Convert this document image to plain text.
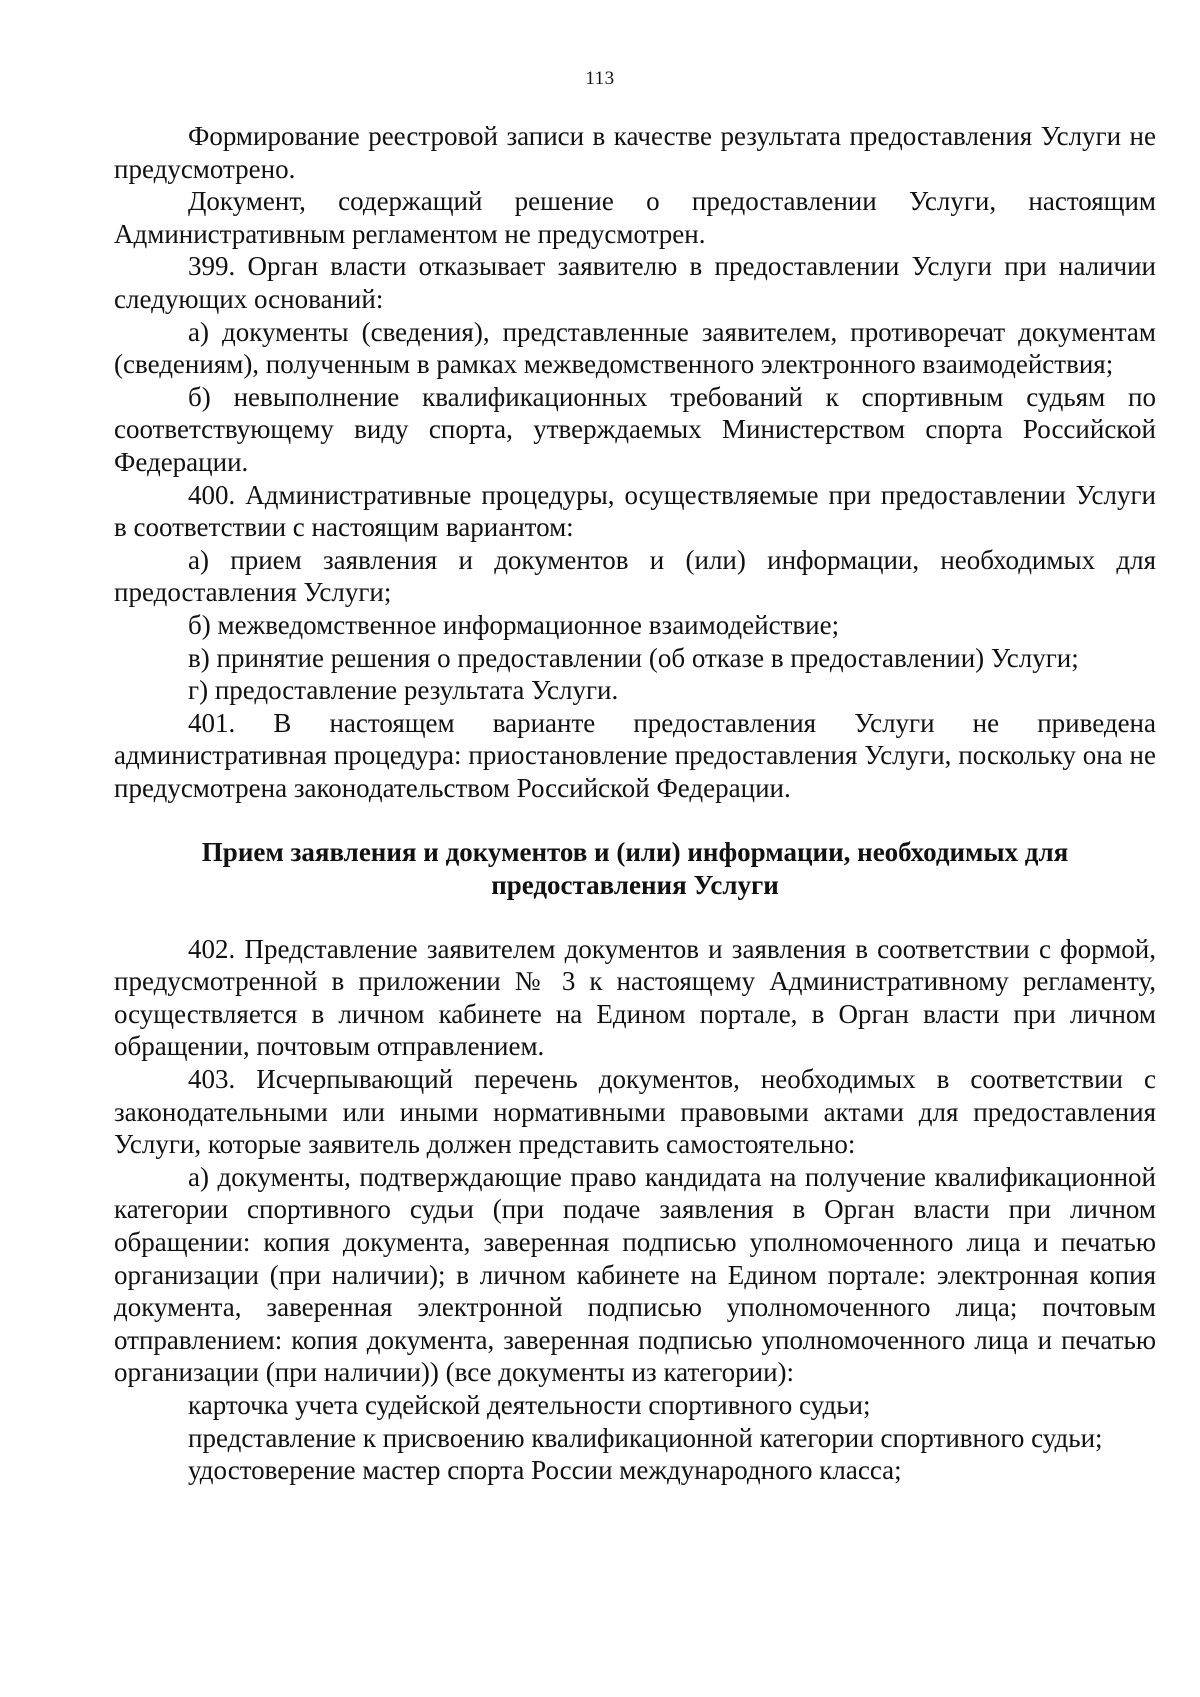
113

Формирование реестровой записи в качестве результата предоставления Услуги не предусмотрено.

Документ, содержащий решение о предоставлении Услуги, настоящим Административным регламентом не предусмотрен.

399. Орган власти отказывает заявителю в предоставлении Услуги при наличии следующих оснований:

а) документы (сведения), представленные заявителем, противоречат документам (сведениям), полученным в рамках межведомственного электронного взаимодействия;

б) невыполнение квалификационных требований к спортивным судьям по соответствующему виду спорта, утверждаемых Министерством спорта Российской Федерации.

400. Административные процедуры, осуществляемые при предоставлении Услуги в соответствии с настоящим вариантом:

а) прием заявления и документов и (или) информации, необходимых для предоставления Услуги;

б) межведомственное информационное взаимодействие;

в) принятие решения о предоставлении (об отказе в предоставлении) Услуги;

г) предоставление результата Услуги.

401. В настоящем варианте предоставления Услуги не приведена административная процедура: приостановление предоставления Услуги, поскольку она не предусмотрена законодательством Российской Федерации.

Прием заявления и документов и (или) информации, необходимых для
предоставления Услуги

402. Представление заявителем документов и заявления в соответствии с формой, предусмотренной в приложении № 3 к настоящему Административному регламенту, осуществляется в личном кабинете на Едином портале, в Орган власти при личном обращении, почтовым отправлением.

403. Исчерпывающий перечень документов, необходимых в соответствии с законодательными или иными нормативными правовыми актами для предоставления Услуги, которые заявитель должен представить самостоятельно:

а) документы, подтверждающие право кандидата на получение квалификационной категории спортивного судьи (при подаче заявления в Орган власти при личном обращении: копия документа, заверенная подписью уполномоченного лица и печатью организации (при наличии); в личном кабинете на Едином портале: электронная копия документа, заверенная электронной подписью уполномоченного лица; почтовым отправлением: копия документа, заверенная подписью уполномоченного лица и печатью организации (при наличии)) (все документы из категории):

карточка учета судейской деятельности спортивного судьи;

представление к присвоению квалификационной категории спортивного судьи;

удостоверение мастер спорта России международного класса;
